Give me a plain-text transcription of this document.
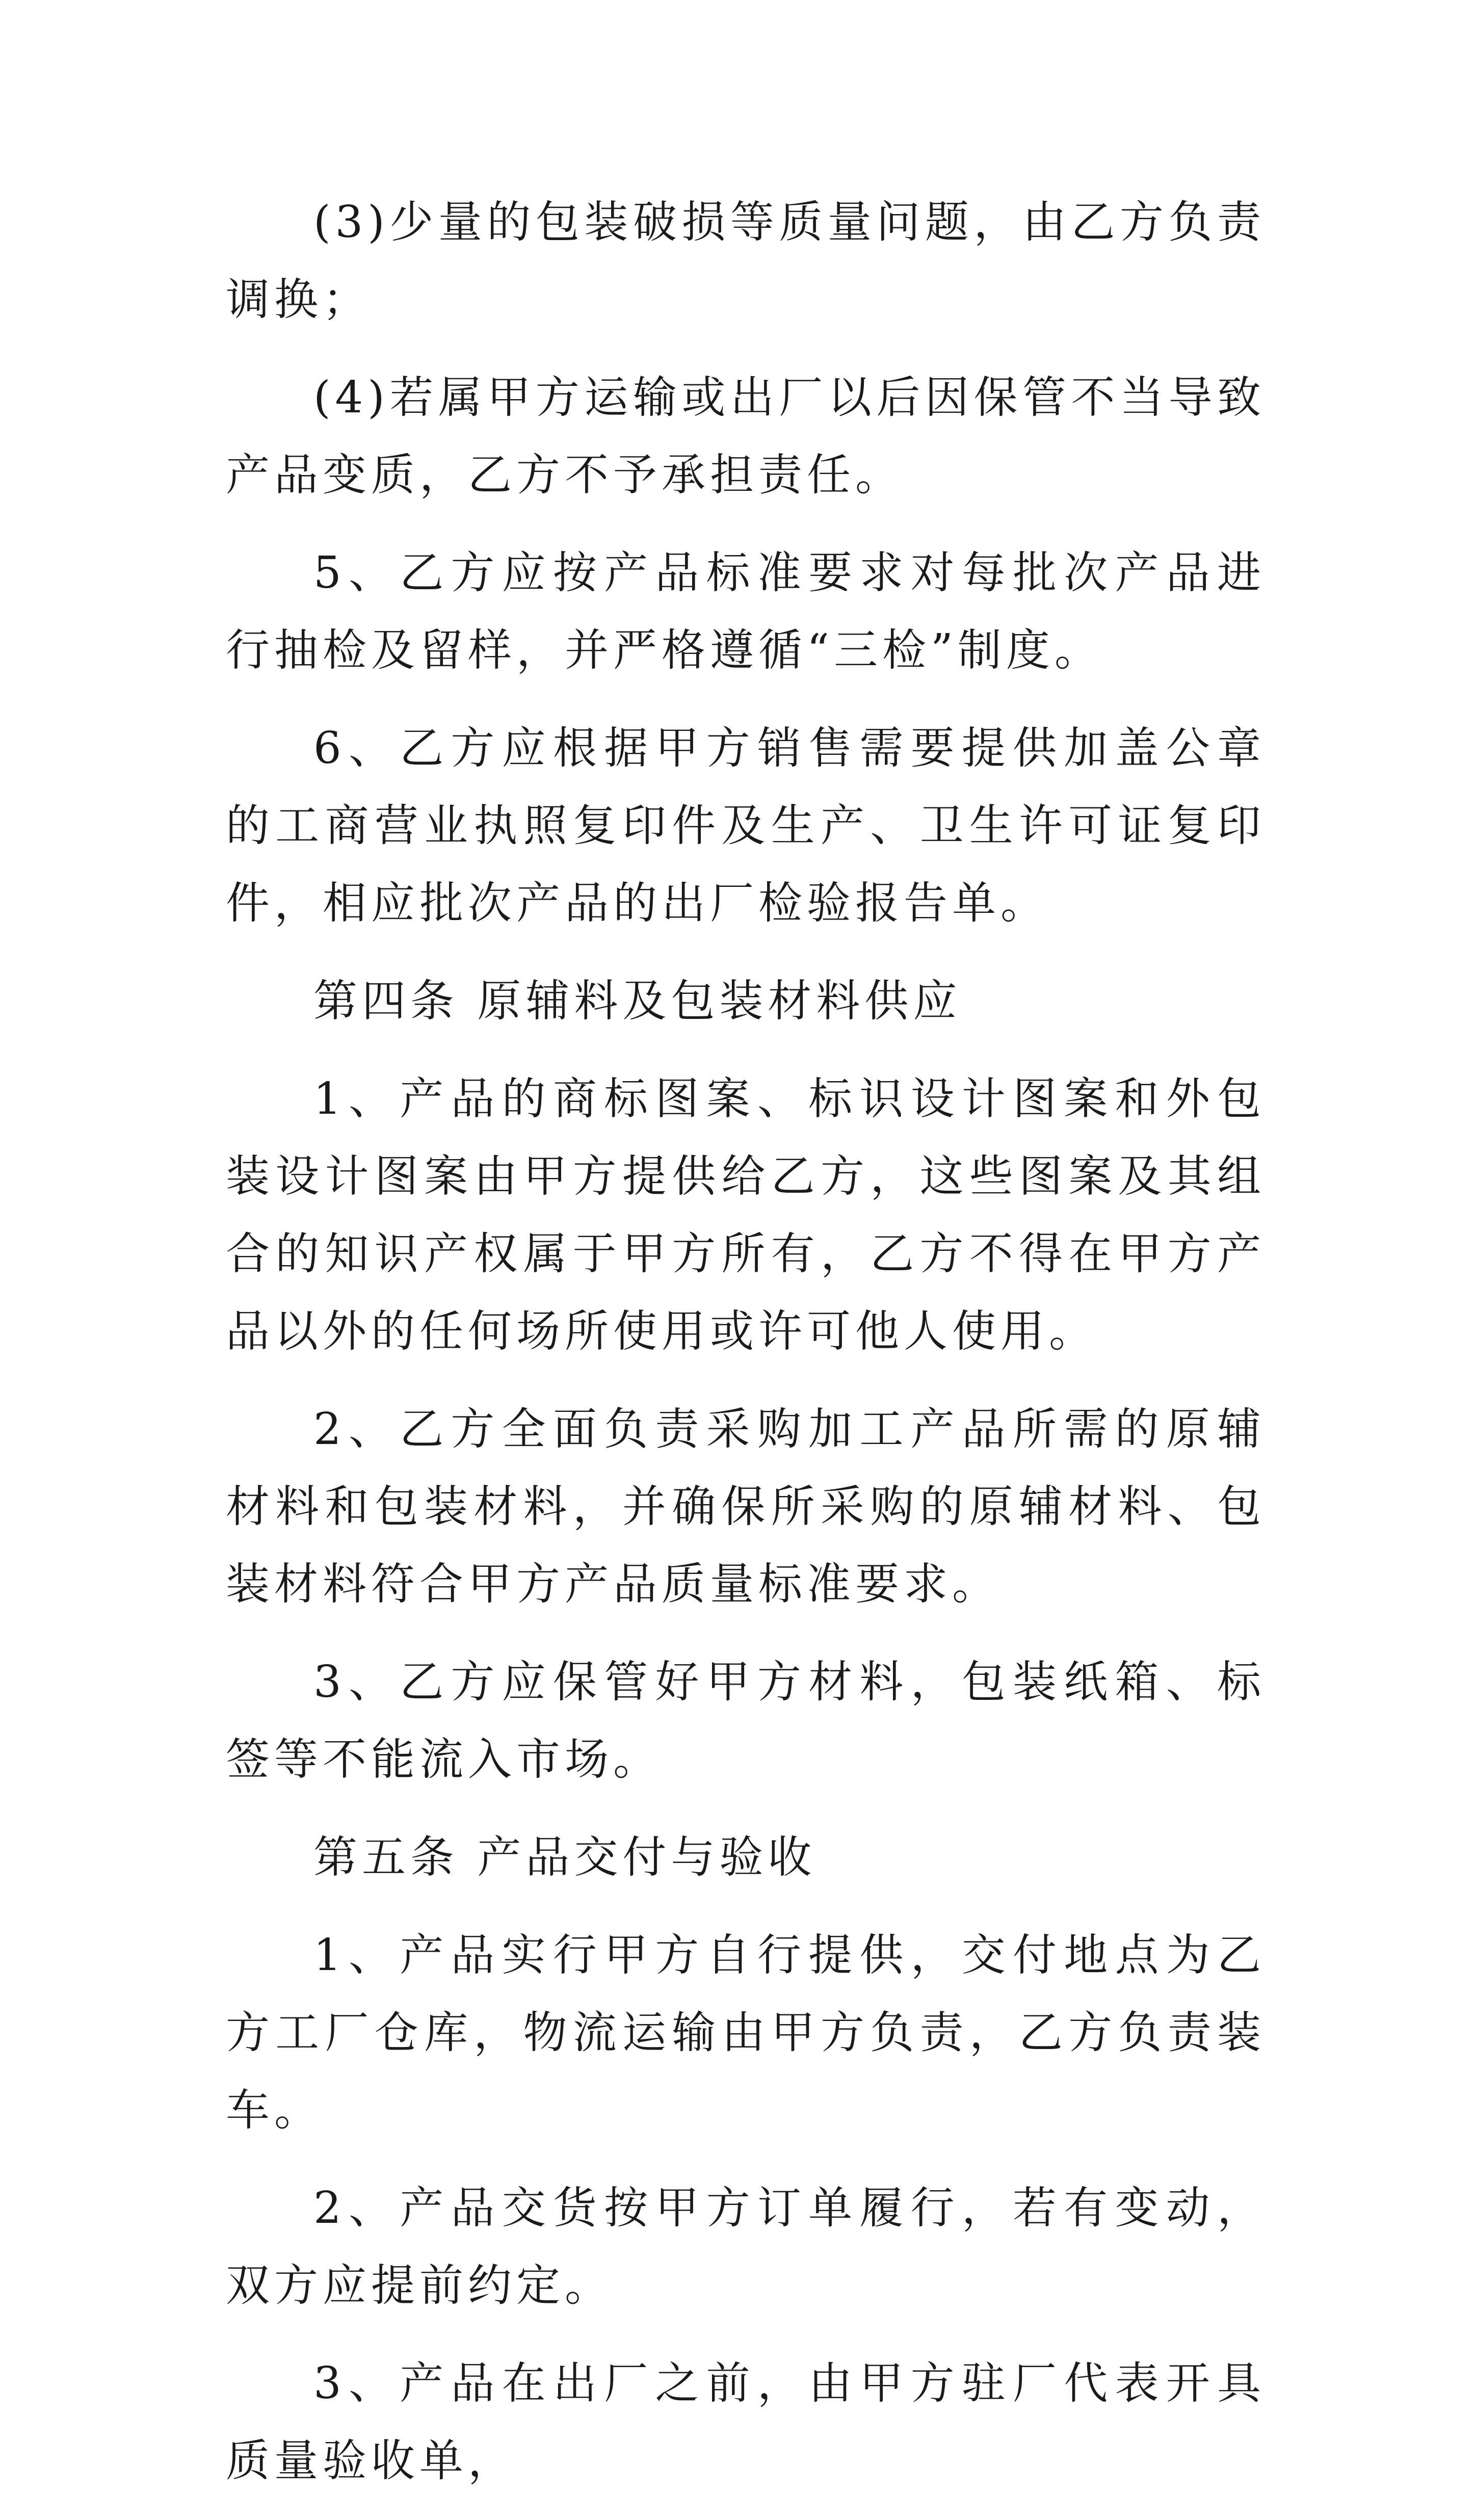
(3)少量的包装破损等质量问题，由乙方负责调换；

(4)若属甲方运输或出厂以后因保管不当导致产品变质，乙方不予承担责任。

5、乙方应按产品标准要求对每批次产品进行抽检及留样，并严格遵循“三检”制度。

6、乙方应根据甲方销售需要提供加盖公章的工商营业执照复印件及生产、卫生许可证复印件，相应批次产品的出厂检验报告单。

第四条 原辅料及包装材料供应

1、产品的商标图案、标识设计图案和外包装设计图案由甲方提供给乙方，这些图案及其组合的知识产权属于甲方所有，乙方不得在甲方产品以外的任何场所使用或许可他人使用。

2、乙方全面负责采购加工产品所需的原辅材料和包装材料，并确保所采购的原辅材料、包装材料符合甲方产品质量标准要求。

3、乙方应保管好甲方材料，包装纸箱、标签等不能流入市场。

第五条 产品交付与验收

1、产品实行甲方自行提供，交付地点为乙方工厂仓库，物流运输由甲方负责，乙方负责装车。

2、产品交货按甲方订单履行，若有变动，双方应提前约定。

3、产品在出厂之前，由甲方驻厂代表开具质量验收单，
